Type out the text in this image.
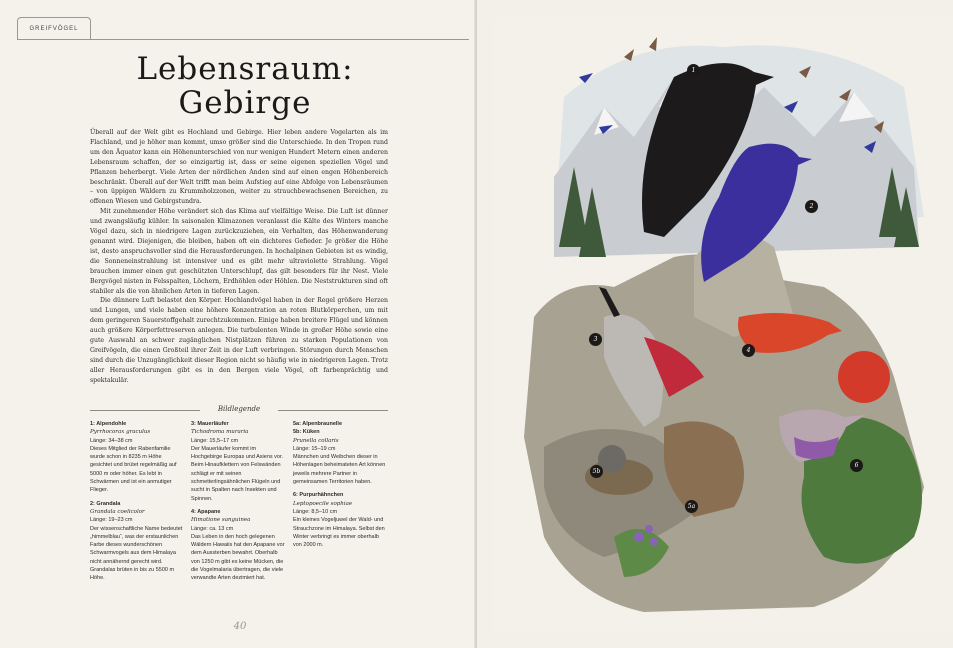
GREIFVÖGEL
Lebensraum:
Gebirge

Überall auf der Welt gibt es Hochland und Gebirge. Hier leben andere Vogelarten als im Flachland, und je höher man kommt, umso größer sind die Unterschiede. In den Tropen rund um den Äquator kann ein Höhenunterschied von nur wenigen Hundert Metern einen anderen Lebensraum schaffen, der so einzigartig ist, dass er seine eigenen speziellen Vögel und Pflanzen beherbergt. Viele Arten der nördlichen Anden sind auf einen engen Höhenbereich beschränkt. Überall auf der Welt trifft man beim Aufstieg auf eine Abfolge von Lebensräumen – von üppigen Wäldern zu Krummholzzonen, weiter zu strauchbewachsenen Bereichen, zu offenen Wiesen und Gebirgstundra.

Mit zunehmender Höhe verändert sich das Klima auf vielfältige Weise. Die Luft ist dünner und zwangsläufig kühler. In saisonalen Klimazonen veranlasst die Kälte des Winters manche Vögel dazu, sich in niedrigere Lagen zurückzuziehen, ein Verhalten, das Höhenwanderung genannt wird. Diejenigen, die bleiben, haben oft ein dichteres Gefieder. Je größer die Höhe ist, desto anspruchsvoller sind die Herausforderungen. In hochalpinen Gebieten ist es windig, die Sonneneinstrahlung ist intensiver und es gibt mehr ultraviolette Strahlung. Vögel brauchen immer einen gut geschützten Unterschlupf, das gilt besonders für ihr Nest. Viele Bergvögel nisten in Felsspalten, Löchern, Erdhöhlen oder Höhlen. Die Neststrukturen sind oft stabiler als die von ähnlichen Arten in tieferen Lagen.

Die dünnere Luft belastet den Körper. Hochlandvögel haben in der Regel größere Herzen und Lungen, und viele haben eine höhere Konzentration an roten Blutkörperchen, um mit dem geringeren Sauerstoffgehalt zurechtzukommen. Einige haben breitere Flügel und können auch größere Körperfettreserven anlegen. Die turbulenten Winde in großer Höhe sowie eine gute Auswahl an schwer zugänglichen Nistplätzen führen zu starken Populationen von Greifvögeln, die einen Großteil ihrer Zeit in der Luft verbringen. Störungen durch Menschen sind durch die Unzugänglichkeit dieser Region nicht so häufig wie in niedrigeren Lagen. Trotz aller Herausforderungen gibt es in den Bergen viele Vögel, oft farbenprächtig und spektakulär.

Bildlegende
1: Alpendohle
Pyrrhocorax graculus
Länge: 34–38 cm
Dieses Mitglied der Rabenfamilie wurde schon in 8235 m Höhe gesichtet und brütet regelmäßig auf 5000 m oder höher. Es lebt in Schwärmen und ist ein anmutiger Flieger.
2: Grandala
Grandala coelicolor
Länge: 19–23 cm
Der wissenschaftliche Name bedeutet „himmelblau“, was der erstaunlichen Farbe dieses wunderschönen Schwarmvogels aus dem Himalaya nicht annähernd gerecht wird. Grandalas brüten in bis zu 5500 m Höhe.
3: Mauerläufer
Tichodroma muraria
Länge: 15,5–17 cm
Der Mauerläufer kommt im Hochgebirge Europas und Asiens vor. Beim Hinaufklettern von Felswänden schlägt er mit seinen schmetterlingsähnlichen Flügeln und sucht in Spalten nach Insekten und Spinnen.
4: Apapane
Himatione sanguinea
Länge: ca. 13 cm
Das Leben in den hoch gelegenen Wäldern Hawaiis hat den Apapane vor dem Aussterben bewahrt. Oberhalb von 1250 m gibt es keine Mücken, die die Vogelmalaria übertragen, die viele verwandte Arten dezimiert hat.
5a: Alpenbraunelle
5b: Küken
Prunella collaris
Länge: 15–19 cm
Männchen und Weibchen dieser in Höhenlagen beheimateten Art können jeweils mehrere Partner in gemeinsamen Territorien haben.
6: Purpurhähnchen
Leptopoecile sophiae
Länge: 8,5–10 cm
Ein kleines Vogeljuwel der Wald- und Strauchzone im Himalaya. Selbst den Winter verbringt es immer oberhalb von 2000 m.
40
1
2
3
4
5a
5b
6
